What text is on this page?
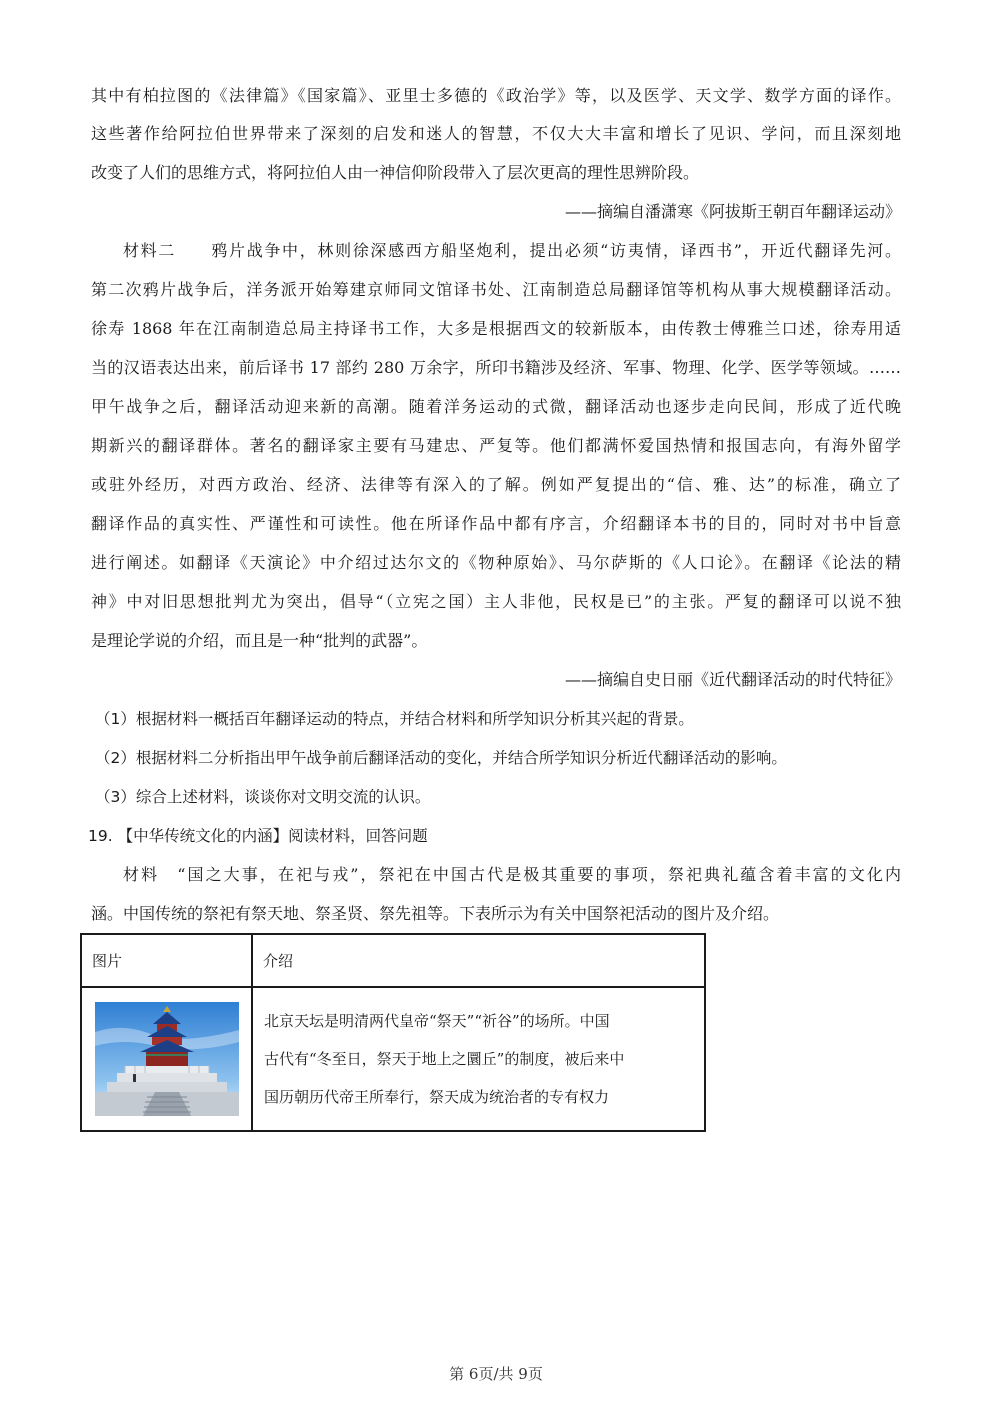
其中有柏拉图的《法律篇》《国家篇》、亚里士多德的《政治学》等，以及医学、天文学、数学方面的译作。
这些著作给阿拉伯世界带来了深刻的启发和迷人的智慧，不仅大大丰富和增长了见识、学问，而且深刻地
改变了人们的思维方式，将阿拉伯人由一神信仰阶段带入了层次更高的理性思辨阶段。
——摘编自潘潇寒《阿拔斯王朝百年翻译运动》
材料二　　鸦片战争中，林则徐深感西方船坚炮利，提出必须“访夷情，译西书”，开近代翻译先河。
第二次鸦片战争后，洋务派开始筹建京师同文馆译书处、江南制造总局翻译馆等机构从事大规模翻译活动。
徐寿 1868 年在江南制造总局主持译书工作，大多是根据西文的较新版本，由传教士傅雅兰口述，徐寿用适
当的汉语表达出来，前后译书 17 部约 280 万余字，所印书籍涉及经济、军事、物理、化学、医学等领域。……
甲午战争之后，翻译活动迎来新的高潮。随着洋务运动的式微，翻译活动也逐步走向民间，形成了近代晚
期新兴的翻译群体。著名的翻译家主要有马建忠、严复等。他们都满怀爱国热情和报国志向，有海外留学
或驻外经历，对西方政治、经济、法律等有深入的了解。例如严复提出的“信、雅、达”的标准，确立了
翻译作品的真实性、严谨性和可读性。他在所译作品中都有序言，介绍翻译本书的目的，同时对书中旨意
进行阐述。如翻译《天演论》中介绍过达尔文的《物种原始》、马尔萨斯的《人口论》。在翻译《论法的精
神》中对旧思想批判尤为突出，倡导“（立宪之国）主人非他，民权是已”的主张。严复的翻译可以说不独
是理论学说的介绍，而且是一种“批判的武器”。
——摘编自史日丽《近代翻译活动的时代特征》
（1）根据材料一概括百年翻译运动的特点，并结合材料和所学知识分析其兴起的背景。
（2）根据材料二分析指出甲午战争前后翻译活动的变化，并结合所学知识分析近代翻译活动的影响。
（3）综合上述材料，谈谈你对文明交流的认识。
19. 【中华传统文化的内涵】阅读材料，回答问题
材料　“国之大事，在祀与戎”，祭祀在中国古代是极其重要的事项，祭祀典礼蕴含着丰富的文化内
涵。中国传统的祭祀有祭天地、祭圣贤、祭先祖等。下表所示为有关中国祭祀活动的图片及介绍。
图片	介绍

北京天坛是明清两代皇帝“祭天”“祈谷”的场所。中国
古代有“冬至日，祭天于地上之圜丘”的制度，被后来中
国历朝历代帝王所奉行，祭天成为统治者的专有权力
第 6页/共 9页
